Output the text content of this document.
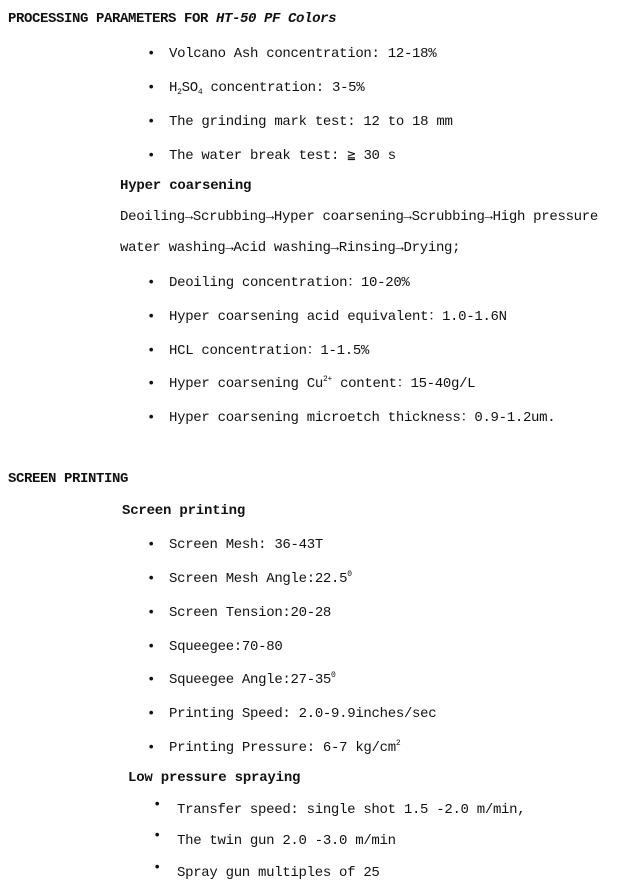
PROCESSING PARAMETERS FOR HT-50 PF Colors
• Volcano Ash concentration: 12-18%
• $H_2SO_4$ concentration: 3-5%
• The grinding mark test: 12 to 18 mm
• The water break test: ≧ 30 s
Hyper coarsening
Deoiling→Scrubbing→Hyper coarsening→Scrubbing→High pressure
water washing→Acid washing→Rinsing→Drying;
• Deoiling concentration：10-20%
• Hyper coarsening acid equivalent：1.0-1.6N
• HCL concentration：1-1.5%
• Hyper coarsening $Cu^{2+}$ content：15-40g/L
• Hyper coarsening microetch thickness：0.9-1.2um.
SCREEN PRINTING
Screen printing
• Screen Mesh: 36-43T
• Screen Mesh Angle:22.5$^0$
• Screen Tension:20-28
• Squeegee:70-80
• Squeegee $Angle:27-35^0$
• Printing Speed: 2.0-9.9inches/sec
• Printing Pressure: 6-7 $kg/cm^2$
Low pressure spraying
• Transfer speed: single shot 1.5 -2.0 m/min,
• The twin gun 2.0 -3.0 m/min
• Spray gun multiples of 25
